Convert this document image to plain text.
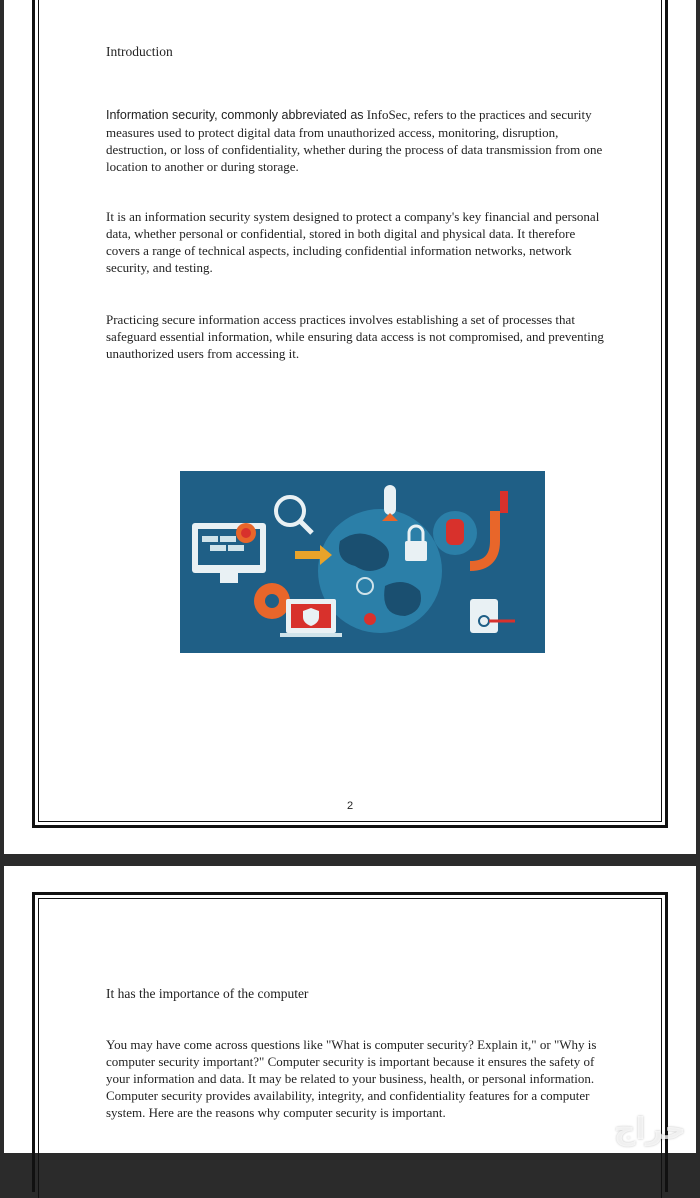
Introduction
Information security, commonly abbreviated as InfoSec, refers to the practices and security measures used to protect digital data from unauthorized access, monitoring, disruption, destruction, or loss of confidentiality, whether during the process of data transmission from one location to another or during storage.
It is an information security system designed to protect a company's key financial and personal data, whether personal or confidential, stored in both digital and physical data. It therefore covers a range of technical aspects, including confidential information networks, network security, and testing.
Practicing secure information access practices involves establishing a set of processes that safeguard essential information, while ensuring data access is not compromised, and preventing unauthorized users from accessing it.
2
It has the importance of the computer
You may have come across questions like "What is computer security? Explain it," or "Why is computer security important?" Computer security is important because it ensures the safety of your information and data. It may be related to your business, health, or personal information. Computer security provides availability, integrity, and confidentiality features for a computer system. Here are the reasons why computer security is important.	حراج
